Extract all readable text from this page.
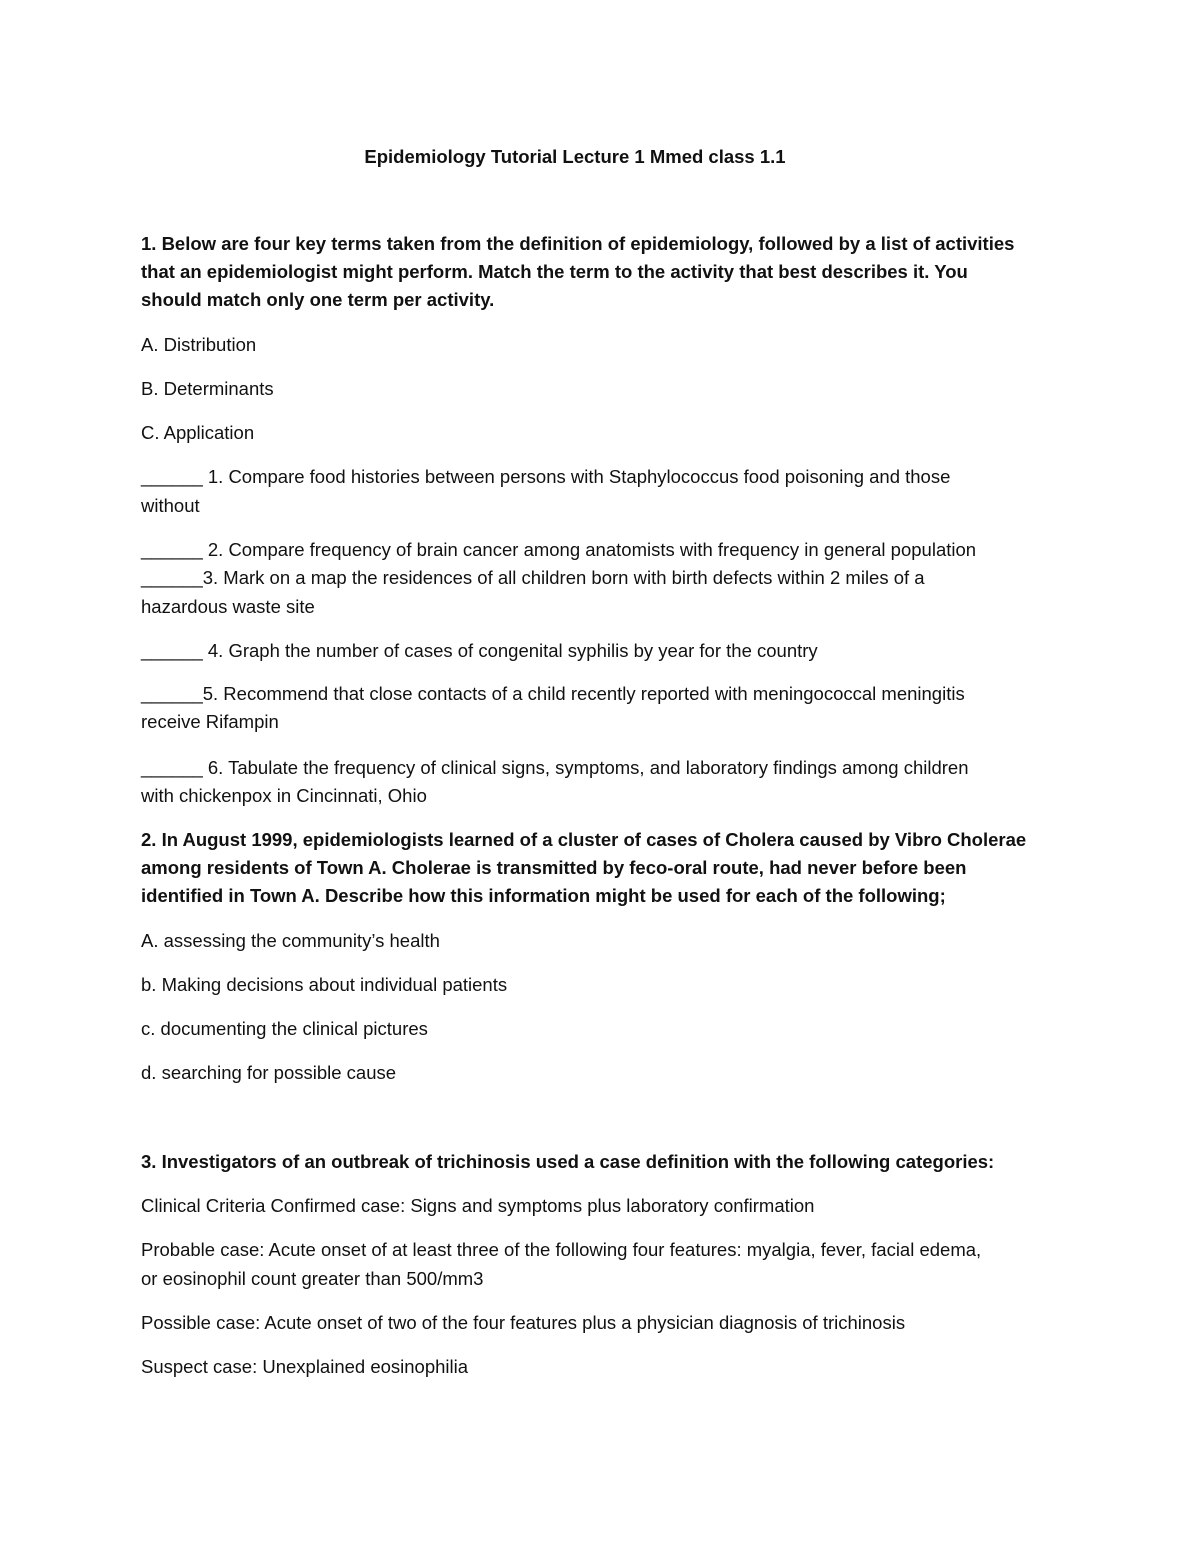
Epidemiology Tutorial Lecture 1 Mmed class 1.1
1. Below are four key terms taken from the definition of epidemiology, followed by a list of activities
that an epidemiologist might perform. Match the term to the activity that best describes it. You
should match only one term per activity.
A. Distribution
B. Determinants
C. Application
______ 1. Compare food histories between persons with Staphylococcus food poisoning and those
without
______ 2. Compare frequency of brain cancer among anatomists with frequency in general population
______3. Mark on a map the residences of all children born with birth defects within 2 miles of a
hazardous waste site
______ 4. Graph the number of cases of congenital syphilis by year for the country
______5. Recommend that close contacts of a child recently reported with meningococcal meningitis
receive Rifampin
______ 6. Tabulate the frequency of clinical signs, symptoms, and laboratory findings among children
with chickenpox in Cincinnati, Ohio
2. In August 1999, epidemiologists learned of a cluster of cases of Cholera caused by Vibro Cholerae
among residents of Town A. Cholerae is transmitted by feco-oral route, had never before been
identified in Town A. Describe how this information might be used for each of the following;
A. assessing the community’s health
b. Making decisions about individual patients
c. documenting the clinical pictures
d. searching for possible cause
3. Investigators of an outbreak of trichinosis used a case definition with the following categories:
Clinical Criteria Confirmed case: Signs and symptoms plus laboratory confirmation
Probable case: Acute onset of at least three of the following four features: myalgia, fever, facial edema,
or eosinophil count greater than 500/mm3
Possible case: Acute onset of two of the four features plus a physician diagnosis of trichinosis
Suspect case: Unexplained eosinophilia
